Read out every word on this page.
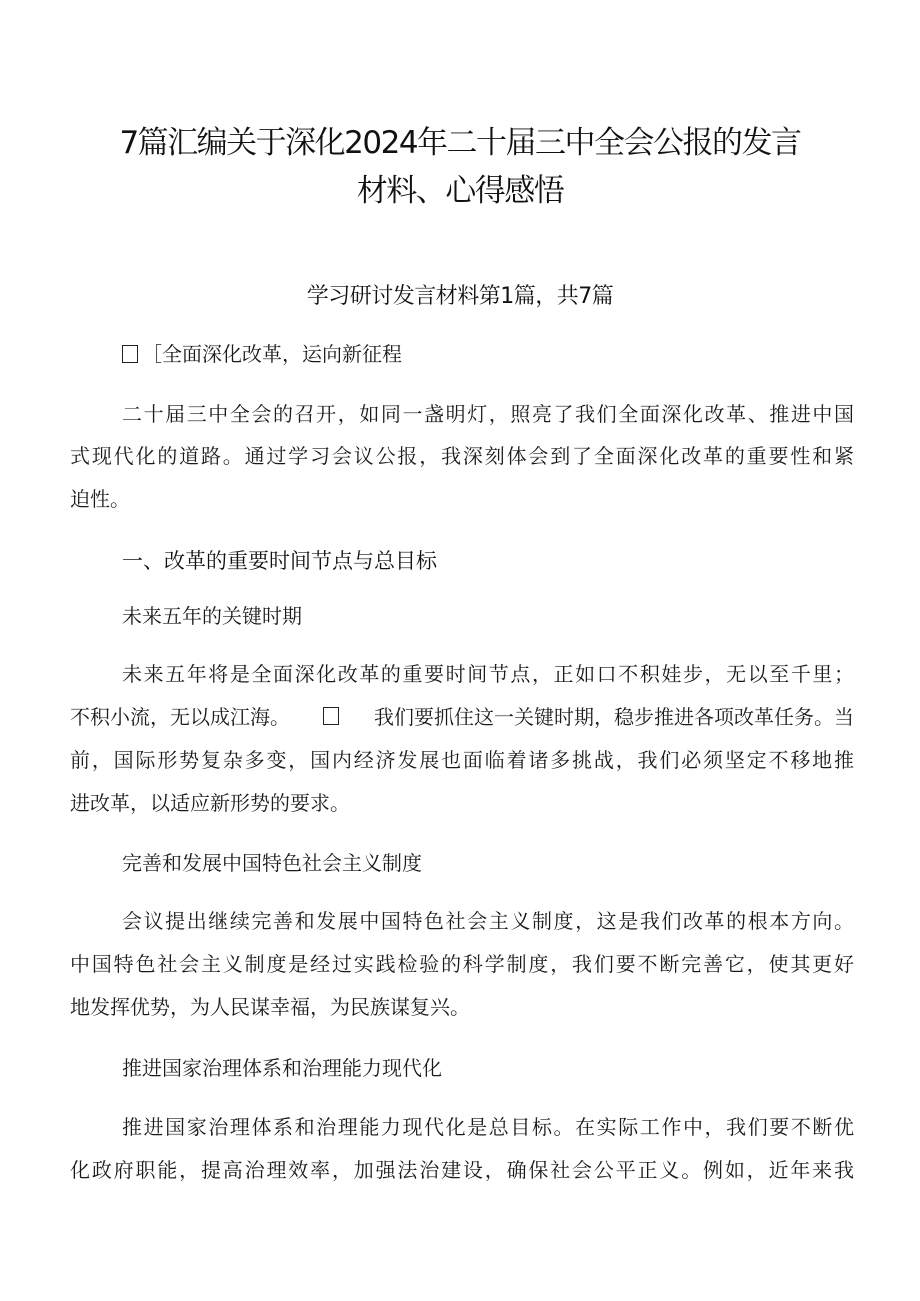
7篇汇编关于深化2024年二十届三中全会公报的发言
材料、心得感悟
学习研讨发言材料第1篇，共7篇
［全面深化改革，运向新征程
二十届三中全会的召开，如同一盏明灯，照亮了我们全面深化改革、推进中国
式现代化的道路。通过学习会议公报，我深刻体会到了全面深化改革的重要性和紧
迫性。
一、改革的重要时间节点与总目标
未来五年的关键时期
未来五年将是全面深化改革的重要时间节点，正如口不积娃步，无以至千里；
不积小流，无以成江海。	我们要抓住这一关键时期，稳步推进各项改革任务。当
前，国际形势复杂多变，国内经济发展也面临着诸多挑战，我们必须坚定不移地推
进改革，以适应新形势的要求。
完善和发展中国特色社会主义制度
会议提出继续完善和发展中国特色社会主义制度，这是我们改革的根本方向。
中国特色社会主义制度是经过实践检验的科学制度，我们要不断完善它，使其更好
地发挥优势，为人民谋幸福，为民族谋复兴。
推进国家治理体系和治理能力现代化
推进国家治理体系和治理能力现代化是总目标。在实际工作中，我们要不断优
化政府职能，提高治理效率，加强法治建设，确保社会公平正义。例如，近年来我
